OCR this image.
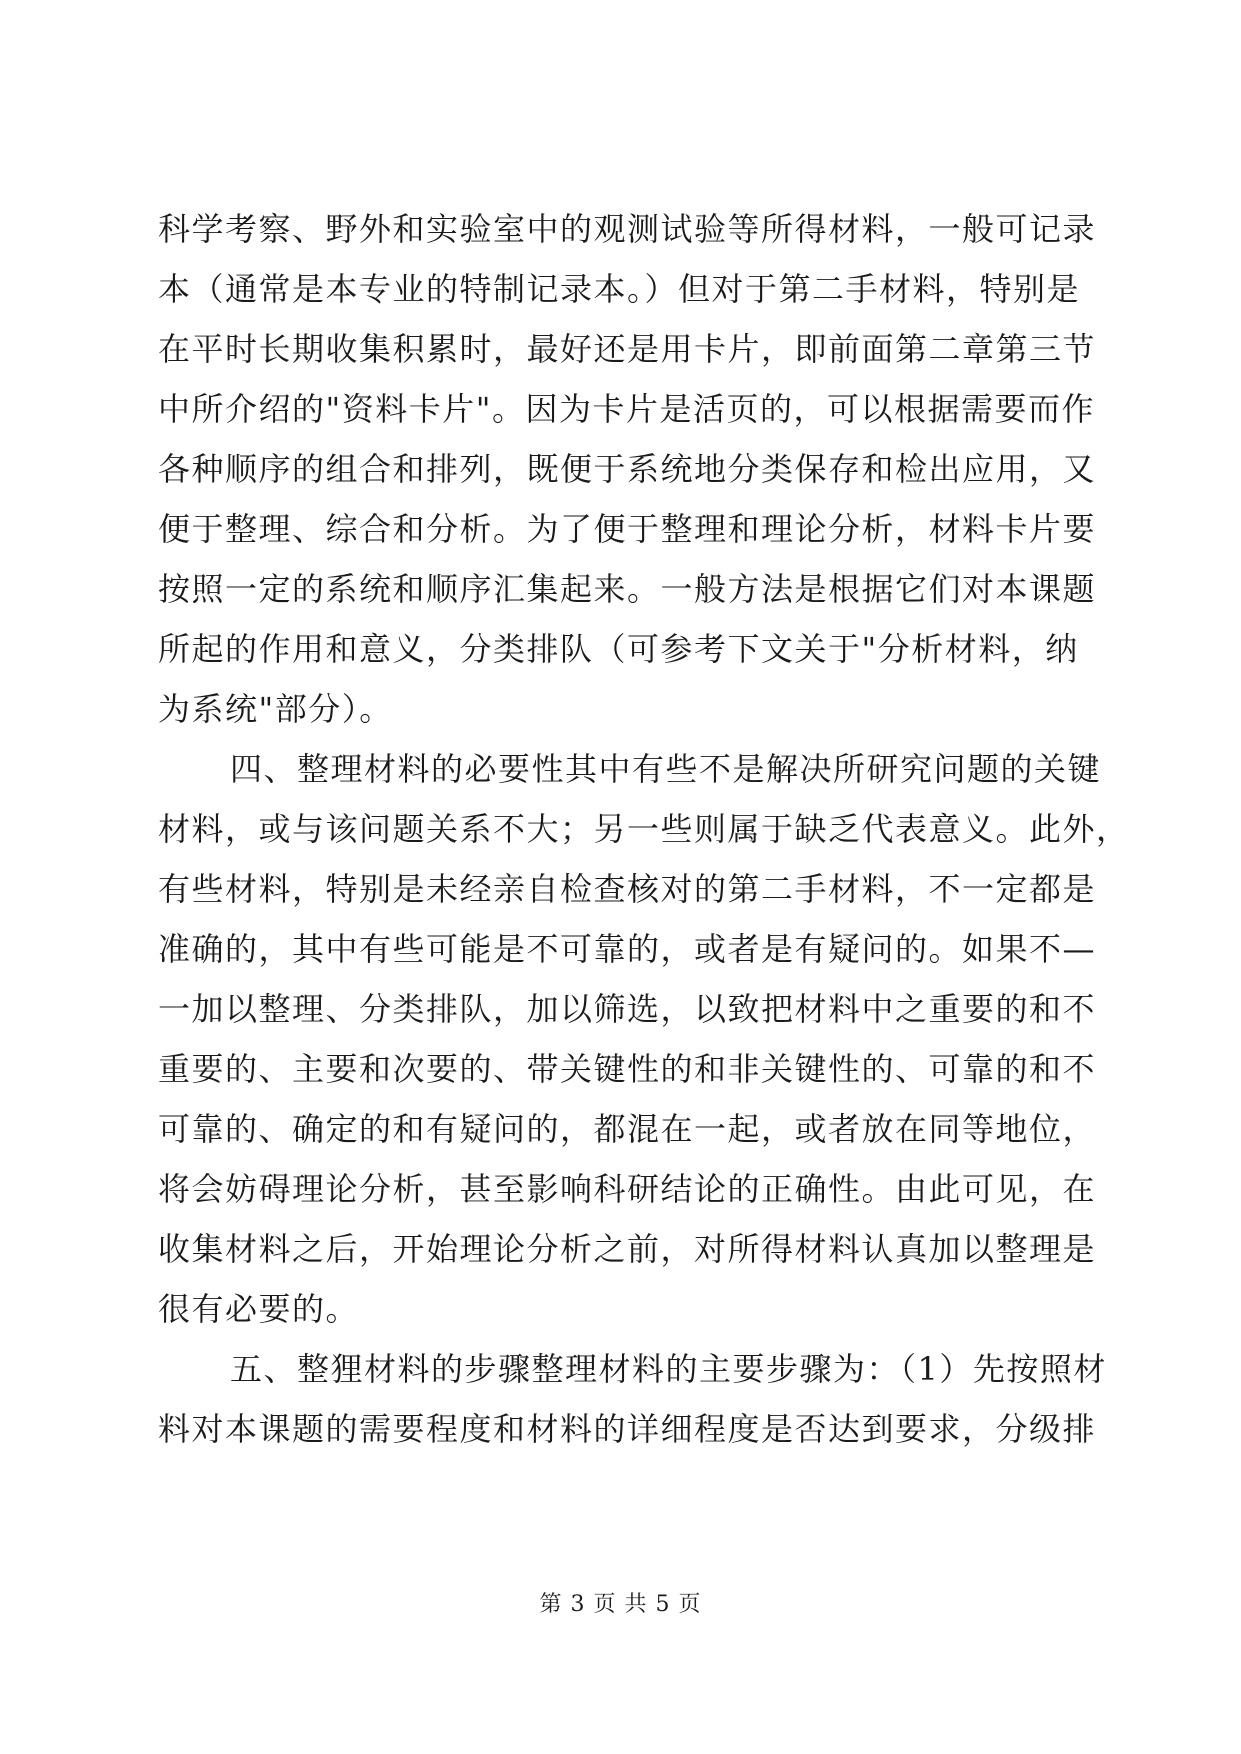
科学考察、野外和实验室中的观测试验等所得材料，一般可记录
本（通常是本专业的特制记录本。）但对于第二手材料，特别是
在平时长期收集积累时，最好还是用卡片，即前面第二章第三节
中所介绍的"资料卡片"。因为卡片是活页的，可以根据需要而作
各种顺序的组合和排列，既便于系统地分类保存和检出应用，又
便于整理、综合和分析。为了便于整理和理论分析，材料卡片要
按照一定的系统和顺序汇集起来。一般方法是根据它们对本课题
所起的作用和意义，分类排队（可参考下文关于"分析材料，纳
为系统"部分）。
四、整理材料的必要性其中有些不是解决所研究问题的关键
材料，或与该问题关系不大；另一些则属于缺乏代表意义。此外，
有些材料，特别是未经亲自检查核对的第二手材料，不一定都是
准确的，其中有些可能是不可靠的，或者是有疑问的。如果不—
一加以整理、分类排队，加以筛选，以致把材料中之重要的和不
重要的、主要和次要的、带关键性的和非关键性的、可靠的和不
可靠的、确定的和有疑问的，都混在一起，或者放在同等地位，
将会妨碍理论分析，甚至影响科研结论的正确性。由此可见，在
收集材料之后，开始理论分析之前，对所得材料认真加以整理是
很有必要的。
五、整狸材料的步骤整理材料的主要步骤为：（1）先按照材
料对本课题的需要程度和材料的详细程度是否达到要求，分级排
第 3 页 共 5 页
